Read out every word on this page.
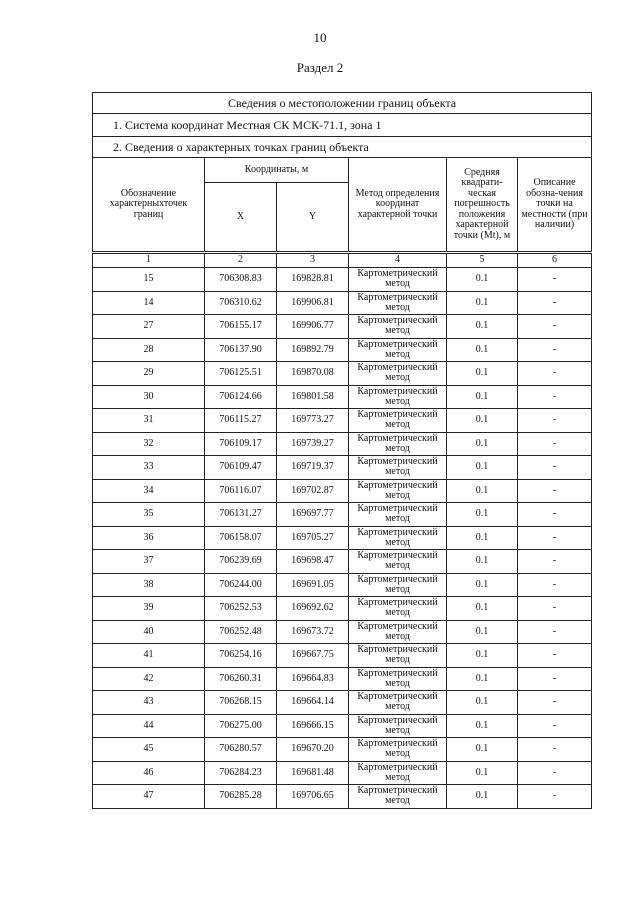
10
Раздел 2
Сведения о местоположении границ объекта					
1. Система координат Местная СК МСК-71.1, зона 1					
2. Сведения о характерных точках границ объекта					
Обозначение характерныхточек границ	Координаты, м		Метод определения координат характерной точки	Средняя квадрати-ческая погрешность положения характерной точки (Mt), м	Описание обозна-чения точки на местности (при наличии)
	X	Y			
1	2	3	4	5	6
15	706308.83	169828.81	Картометрический метод	0.1	-
14	706310.62	169906.81	Картометрический метод	0.1	-
27	706155.17	169906.77	Картометрический метод	0.1	-
28	706137.90	169892.79	Картометрический метод	0.1	-
29	706125.51	169870.08	Картометрический метод	0.1	-
30	706124.66	169801.58	Картометрический метод	0.1	-
31	706115.27	169773.27	Картометрический метод	0.1	-
32	706109.17	169739.27	Картометрический метод	0.1	-
33	706109.47	169719.37	Картометрический метод	0.1	-
34	706116.07	169702.87	Картометрический метод	0.1	-
35	706131.27	169697.77	Картометрический метод	0.1	-
36	706158.07	169705.27	Картометрический метод	0.1	-
37	706239.69	169698.47	Картометрический метод	0.1	-
38	706244.00	169691.05	Картометрический метод	0.1	-
39	706252.53	169692.62	Картометрический метод	0.1	-
40	706252.48	169673.72	Картометрический метод	0.1	-
41	706254.16	169667.75	Картометрический метод	0.1	-
42	706260.31	169664.83	Картометрический метод	0.1	-
43	706268.15	169664.14	Картометрический метод	0.1	-
44	706275.00	169666.15	Картометрический метод	0.1	-
45	706280.57	169670.20	Картометрический метод	0.1	-
46	706284.23	169681.48	Картометрический метод	0.1	-
47	706285.28	169706.65	Картометрический метод	0.1	-
